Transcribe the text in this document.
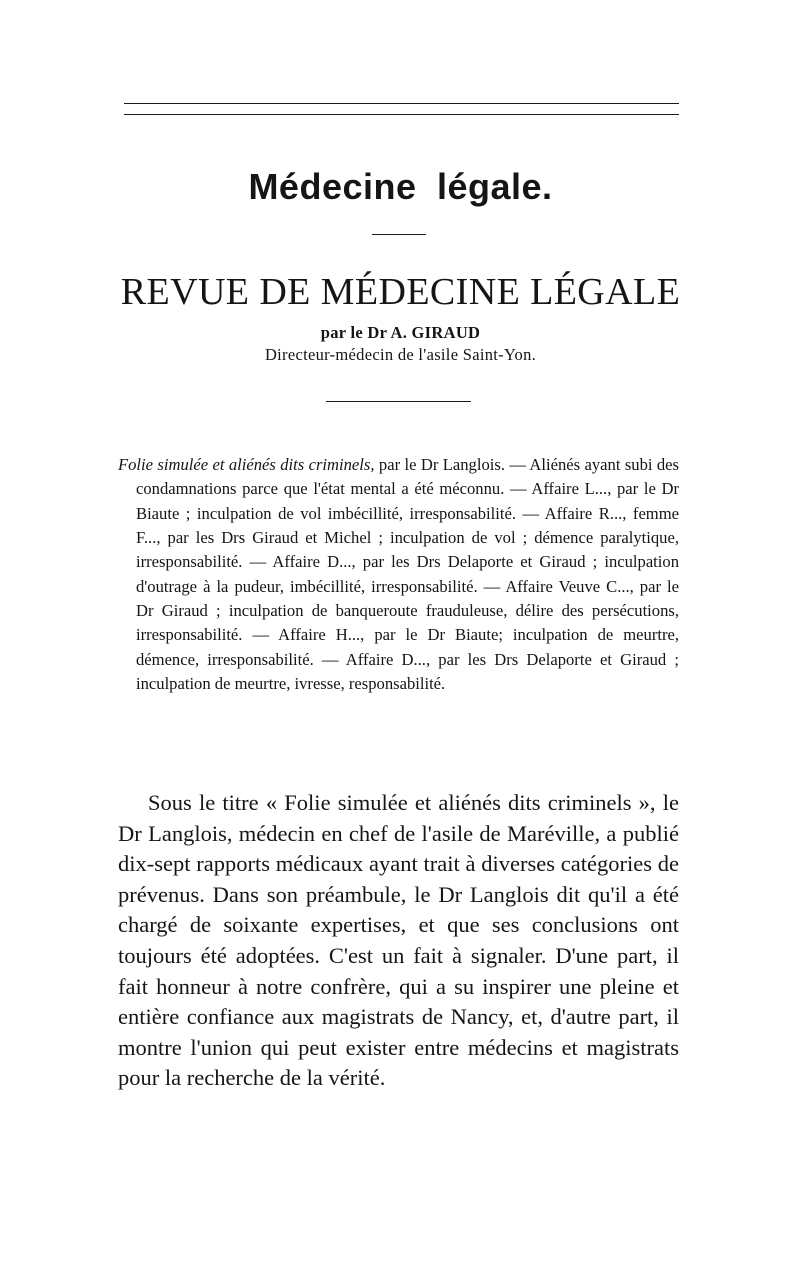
Médecine légale.
REVUE DE MÉDECINE LÉGALE
par le Dr A. GIRAUD
Directeur-médecin de l'asile Saint-Yon.

Folie simulée et aliénés dits criminels, par le Dr Langlois. — Aliénés ayant subi des condamnations parce que l'état mental a été méconnu. — Affaire L..., par le Dr Biaute ; inculpation de vol imbécillité, irresponsabilité. — Affaire R..., femme F..., par les Drs Giraud et Michel ; inculpation de vol ; démence paralytique, irresponsabilité. — Affaire D..., par les Drs Delaporte et Giraud ; inculpation d'outrage à la pudeur, imbécillité, irresponsabilité. — Affaire Veuve C..., par le Dr Giraud ; inculpation de banqueroute frauduleuse, délire des persécutions, irresponsabilité. — Affaire H..., par le Dr Biaute; inculpation de meurtre, démence, irresponsabilité. — Affaire D..., par les Drs Delaporte et Giraud ; inculpation de meurtre, ivresse, responsabilité.

Sous le titre « Folie simulée et aliénés dits criminels », le Dr Langlois, médecin en chef de l'asile de Maréville, a publié dix-sept rapports médicaux ayant trait à diverses catégories de prévenus. Dans son préambule, le Dr Langlois dit qu'il a été chargé de soixante expertises, et que ses conclusions ont toujours été adoptées. C'est un fait à signaler. D'une part, il fait honneur à notre confrère, qui a su inspirer une pleine et entière confiance aux magistrats de Nancy, et, d'autre part, il montre l'union qui peut exister entre médecins et magistrats pour la recherche de la vérité.
